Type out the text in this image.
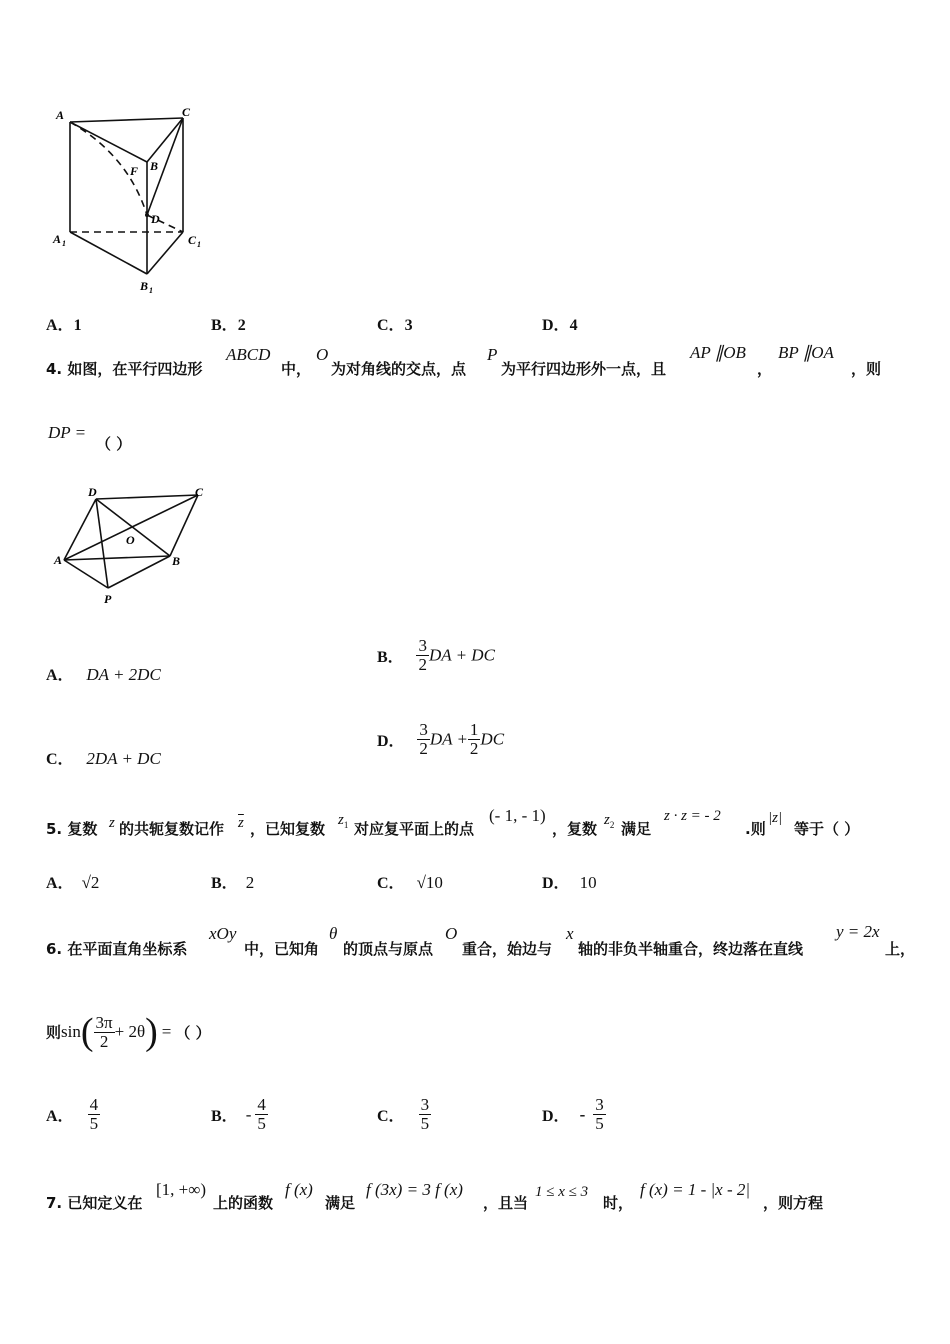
A	C
B
F
D
A 1	C 1
B 1
A．1	B．2	C．3	D．4
4. 如图，在平行四边形
ABCD
中，
O
为对角线的交点，点
P
为平行四边形外一点，且
AP ∥OB
，
BP ∥OA
，则
DP =
（ ）
D	C
O
A	B
P
A． DA + 2DC
B． $\frac{3}{2}$ DA + DC
C． 2DA + DC
D． $\frac{3}{2}$ DA + $\frac{1}{2}$ DC
5. 复数 z 的共轭复数记作 $\overline{z}$ ，已知复数 $z_1$ 对应复平面上的点
(- 1, - 1)
，复数 $z_2$ 满足
z · z = - 2
.则
|z|
等于（ ）
A． √2	B． 2	C． √10	D． 10
6. 在平面直角坐标系
xOy
中，已知角
θ
的顶点与原点
O
重合，始边与
x
轴的非负半轴重合，终边落在直线
y = 2x
上，
则$\sin( \frac{3\pi}{2} + 2\theta)$ = （ ）
A． $\frac{4}{5}$	B． - $\frac{4}{5}$	C． $\frac{3}{5}$	D． - $\frac{3}{5}$
7. 已知定义在
[1, +∞)
上的函数
f (x)
满足
f (3x) = 3 f (x)
，且当
1 ≤ x ≤ 3
时，
f (x) = 1 - |x - 2|
，则方程
